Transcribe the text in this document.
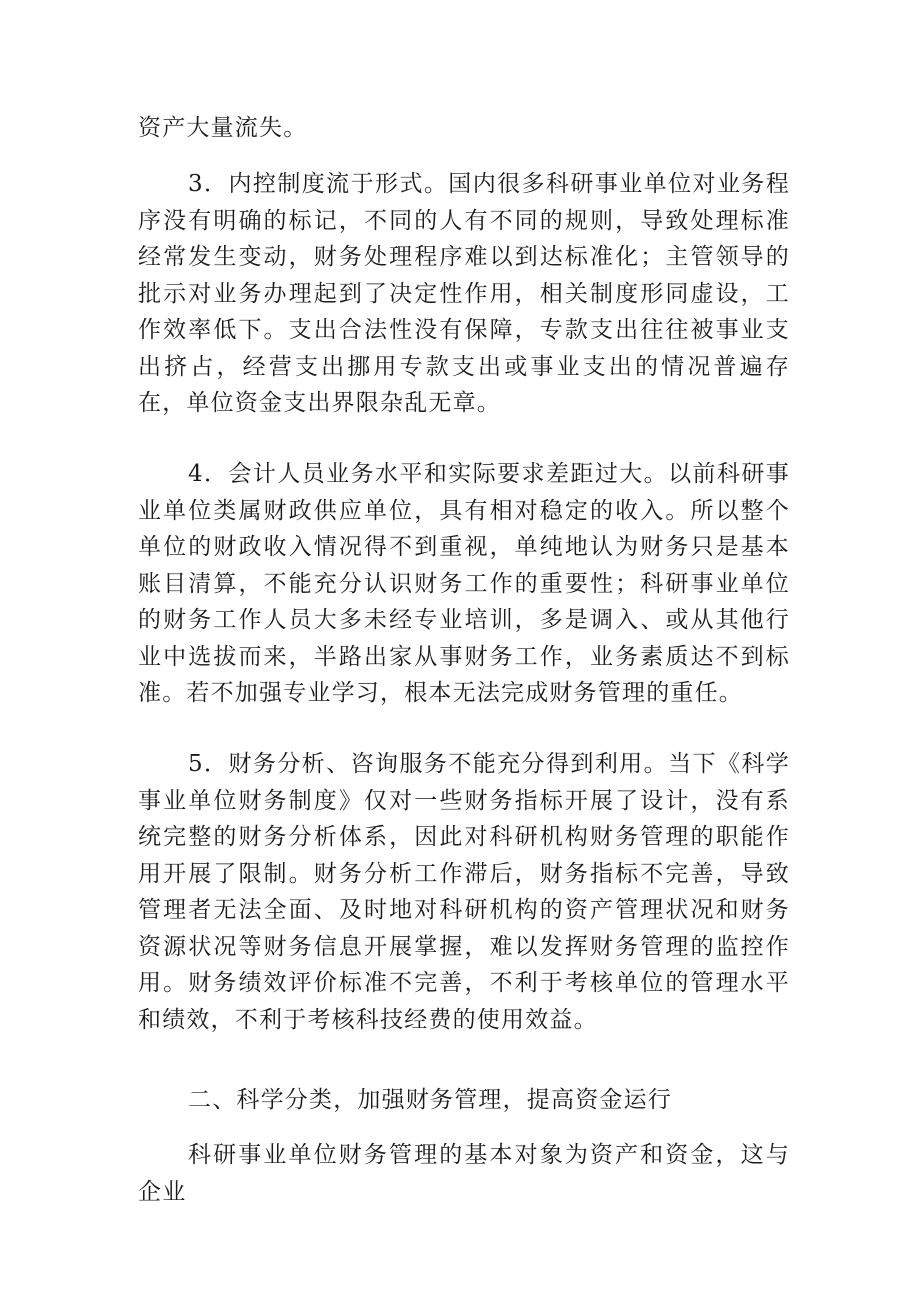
资产大量流失。

3．内控制度流于形式。国内很多科研事业单位对业务程序没有明确的标记，不同的人有不同的规则，导致处理标准经常发生变动，财务处理程序难以到达标准化；主管领导的批示对业务办理起到了决定性作用，相关制度形同虚设，工作效率低下。支出合法性没有保障，专款支出往往被事业支出挤占，经营支出挪用专款支出或事业支出的情况普遍存在，单位资金支出界限杂乱无章。

4．会计人员业务水平和实际要求差距过大。以前科研事业单位类属财政供应单位，具有相对稳定的收入。所以整个单位的财政收入情况得不到重视，单纯地认为财务只是基本账目清算，不能充分认识财务工作的重要性；科研事业单位的财务工作人员大多未经专业培训，多是调入、或从其他行业中选拔而来，半路出家从事财务工作，业务素质达不到标准。若不加强专业学习，根本无法完成财务管理的重任。

5．财务分析、咨询服务不能充分得到利用。当下《科学事业单位财务制度》仅对一些财务指标开展了设计，没有系统完整的财务分析体系，因此对科研机构财务管理的职能作用开展了限制。财务分析工作滞后，财务指标不完善，导致管理者无法全面、及时地对科研机构的资产管理状况和财务资源状况等财务信息开展掌握，难以发挥财务管理的监控作用。财务绩效评价标准不完善，不利于考核单位的管理水平和绩效，不利于考核科技经费的使用效益。

二、科学分类，加强财务管理，提高资金运行

科研事业单位财务管理的基本对象为资产和资金，这与企业
